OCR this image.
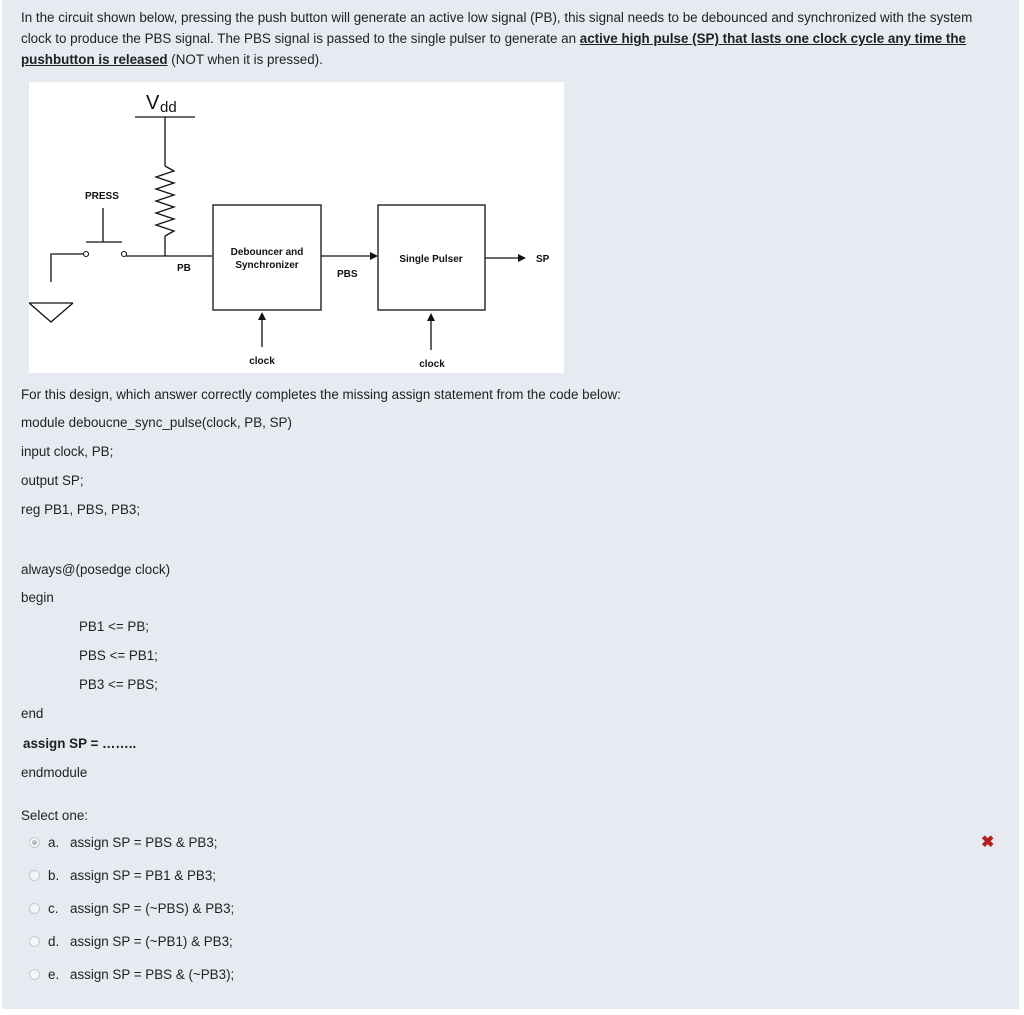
In the circuit shown below, pressing the push button will generate an active low signal (PB), this signal needs to be debounced and synchronized with the system clock to produce the PBS signal. The PBS signal is passed to the single pulser to generate an active high pulse (SP) that lasts one clock cycle any time the pushbutton is released (NOT when it is pressed).
V dd
PRESS
PB
Debouncer and
Synchronizer
PBS
Single Pulser	SP
clock	clock
For this design, which answer correctly completes the missing assign statement from the code below:
module deboucne_sync_pulse(clock, PB, SP)
input clock, PB;
output SP;
reg PB1, PBS, PB3;
always@(posedge clock)
begin
PB1 <= PB;
PBS <= PB1;
PB3 <= PBS;
end
assign SP = ……..
endmodule
Select one:
a. assign SP = PBS & PB3;
b. assign SP = PB1 & PB3;
c. assign SP = (~PBS) & PB3;
d. assign SP = (~PB1) & PB3;
e. assign SP = PBS & (~PB3);
✖
